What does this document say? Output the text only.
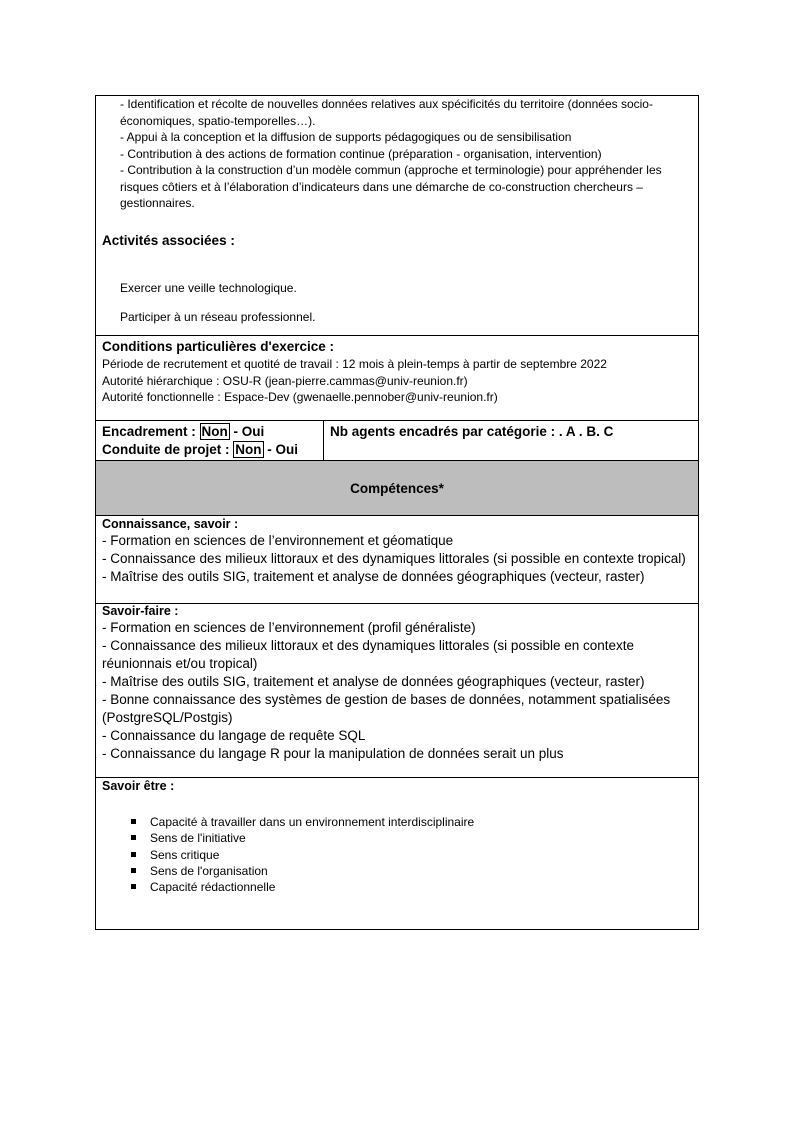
- Identification et récolte de nouvelles données relatives aux spécificités du territoire (données socio-économiques, spatio-temporelles…).
- Appui à la conception et la diffusion de supports pédagogiques ou de sensibilisation
- Contribution à des actions de formation continue (préparation - organisation, intervention)
- Contribution à la construction d’un modèle commun (approche et terminologie) pour appréhender les risques côtiers et à l’élaboration d’indicateurs dans une démarche de co-construction chercheurs – gestionnaires.
Activités associées :
Exercer une veille technologique.
Participer à un réseau professionnel.
Conditions particulières d'exercice :
Période de recrutement et quotité de travail : 12 mois à plein-temps à partir de septembre 2022
Autorité hiérarchique : OSU-R (jean-pierre.cammas@univ-reunion.fr)
Autorité fonctionnelle : Espace-Dev (gwenaelle.pennober@univ-reunion.fr)
Encadrement : Non - Oui
Conduite de projet : Non - Oui
Nb agents encadrés par catégorie : . A . B. C
Compétences*
Connaissance, savoir :
- Formation en sciences de l’environnement et géomatique
- Connaissance des milieux littoraux et des dynamiques littorales (si possible en contexte tropical)
- Maîtrise des outils SIG, traitement et analyse de données géographiques (vecteur, raster)
Savoir-faire :
- Formation en sciences de l’environnement (profil généraliste)
- Connaissance des milieux littoraux et des dynamiques littorales (si possible en contexte réunionnais et/ou tropical)
- Maîtrise des outils SIG, traitement et analyse de données géographiques (vecteur, raster)
- Bonne connaissance des systèmes de gestion de bases de données, notamment spatialisées (PostgreSQL/Postgis)
- Connaissance du langage de requête SQL
- Connaissance du langage R pour la manipulation de données serait un plus
Savoir être :
Capacité à travailler dans un environnement interdisciplinaire
Sens de l'initiative
Sens critique
Sens de l'organisation
Capacité rédactionnelle
